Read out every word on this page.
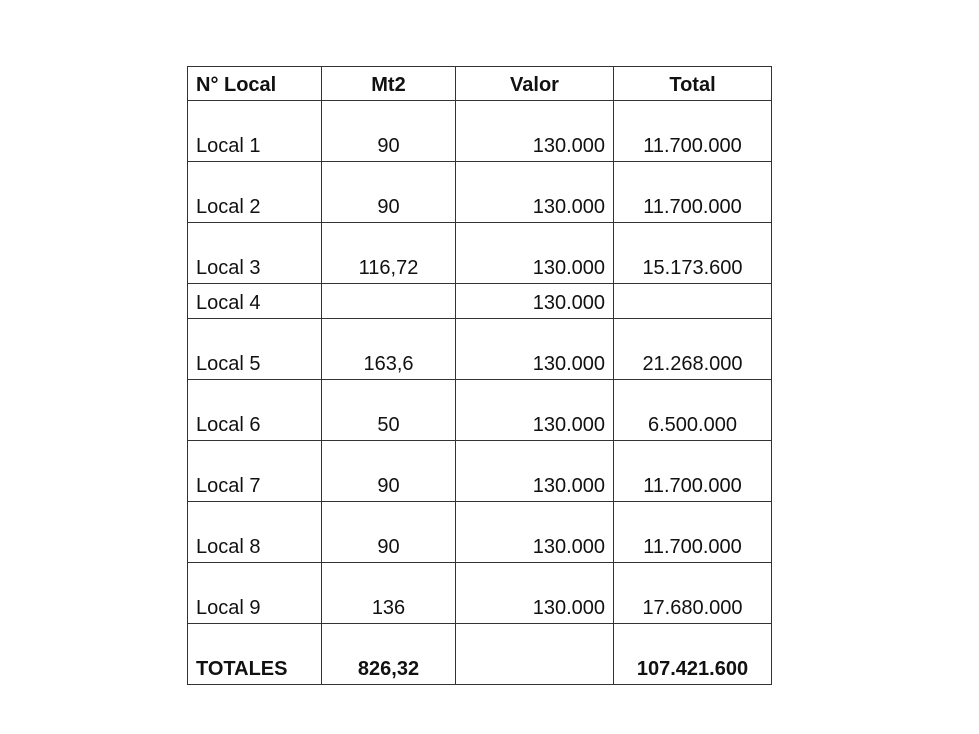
N° Local	Mt2	Valor	Total
Local 1	90	130.000	11.700.000
Local 2	90	130.000	11.700.000
Local 3	116,72	130.000	15.173.600
Local 4		130.000	
Local 5	163,6	130.000	21.268.000
Local 6	50	130.000	6.500.000
Local 7	90	130.000	11.700.000
Local 8	90	130.000	11.700.000
Local 9	136	130.000	17.680.000
TOTALES	826,32		107.421.600
